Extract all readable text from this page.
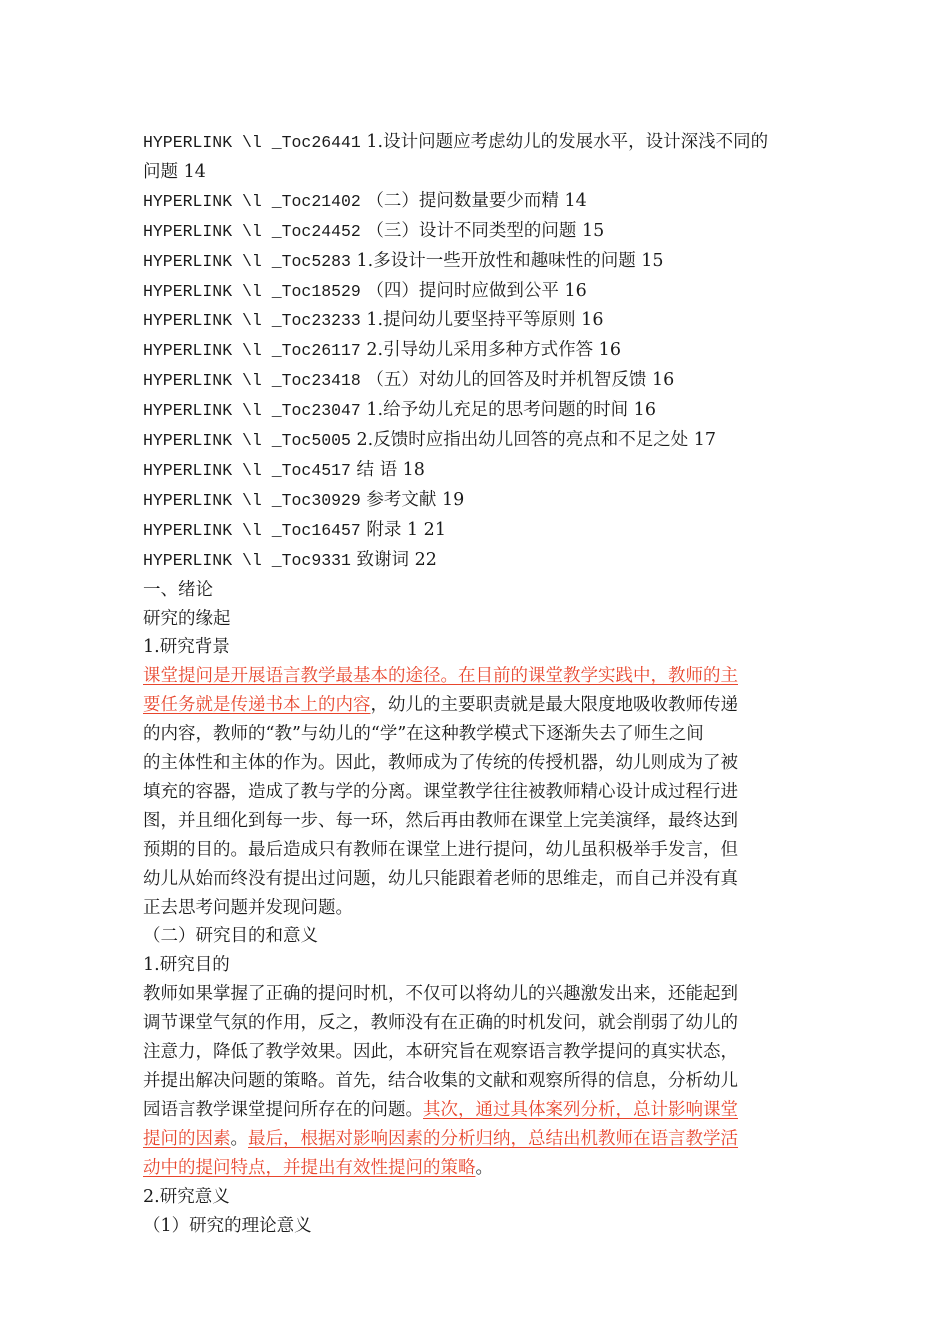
HYPERLINK \l _Toc26441 1.设计问题应考虑幼儿的发展水平，设计深浅不同的
问题 14
HYPERLINK \l _Toc21402 （二）提问数量要少而精 14
HYPERLINK \l _Toc24452 （三）设计不同类型的问题 15
HYPERLINK \l _Toc5283 1.多设计一些开放性和趣味性的问题 15
HYPERLINK \l _Toc18529 （四）提问时应做到公平 16
HYPERLINK \l _Toc23233 1.提问幼儿要坚持平等原则 16
HYPERLINK \l _Toc26117 2.引导幼儿采用多种方式作答 16
HYPERLINK \l _Toc23418 （五）对幼儿的回答及时并机智反馈 16
HYPERLINK \l _Toc23047 1.给予幼儿充足的思考问题的时间 16
HYPERLINK \l _Toc5005 2.反馈时应指出幼儿回答的亮点和不足之处 17
HYPERLINK \l _Toc4517 结 语 18
HYPERLINK \l _Toc30929 参考文献 19
HYPERLINK \l _Toc16457 附录 1 21
HYPERLINK \l _Toc9331 致谢词 22
一、绪论
研究的缘起
1.研究背景
课堂提问是开展语言教学最基本的途径。在目前的课堂教学实践中，教师的主
要任务就是传递书本上的内容，幼儿的主要职责就是最大限度地吸收教师传递
的内容，教师的“教”与幼儿的“学”在这种教学模式下逐渐失去了师生之间
的主体性和主体的作为。因此，教师成为了传统的传授机器，幼儿则成为了被
填充的容器，造成了教与学的分离。课堂教学往往被教师精心设计成过程行进
图，并且细化到每一步、每一环，然后再由教师在课堂上完美演绎，最终达到
预期的目的。最后造成只有教师在课堂上进行提问，幼儿虽积极举手发言，但
幼儿从始而终没有提出过问题，幼儿只能跟着老师的思维走，而自己并没有真
正去思考问题并发现问题。
（二）研究目的和意义
1.研究目的
教师如果掌握了正确的提问时机，不仅可以将幼儿的兴趣激发出来，还能起到
调节课堂气氛的作用，反之，教师没有在正确的时机发问，就会削弱了幼儿的
注意力，降低了教学效果。因此，本研究旨在观察语言教学提问的真实状态，
并提出解决问题的策略。首先，结合收集的文献和观察所得的信息，分析幼儿
园语言教学课堂提问所存在的问题。其次，通过具体案列分析，总计影响课堂
提问的因素。最后，根据对影响因素的分析归纳，总结出机教师在语言教学活
动中的提问特点，并提出有效性提问的策略。
2.研究意义
（1）研究的理论意义
